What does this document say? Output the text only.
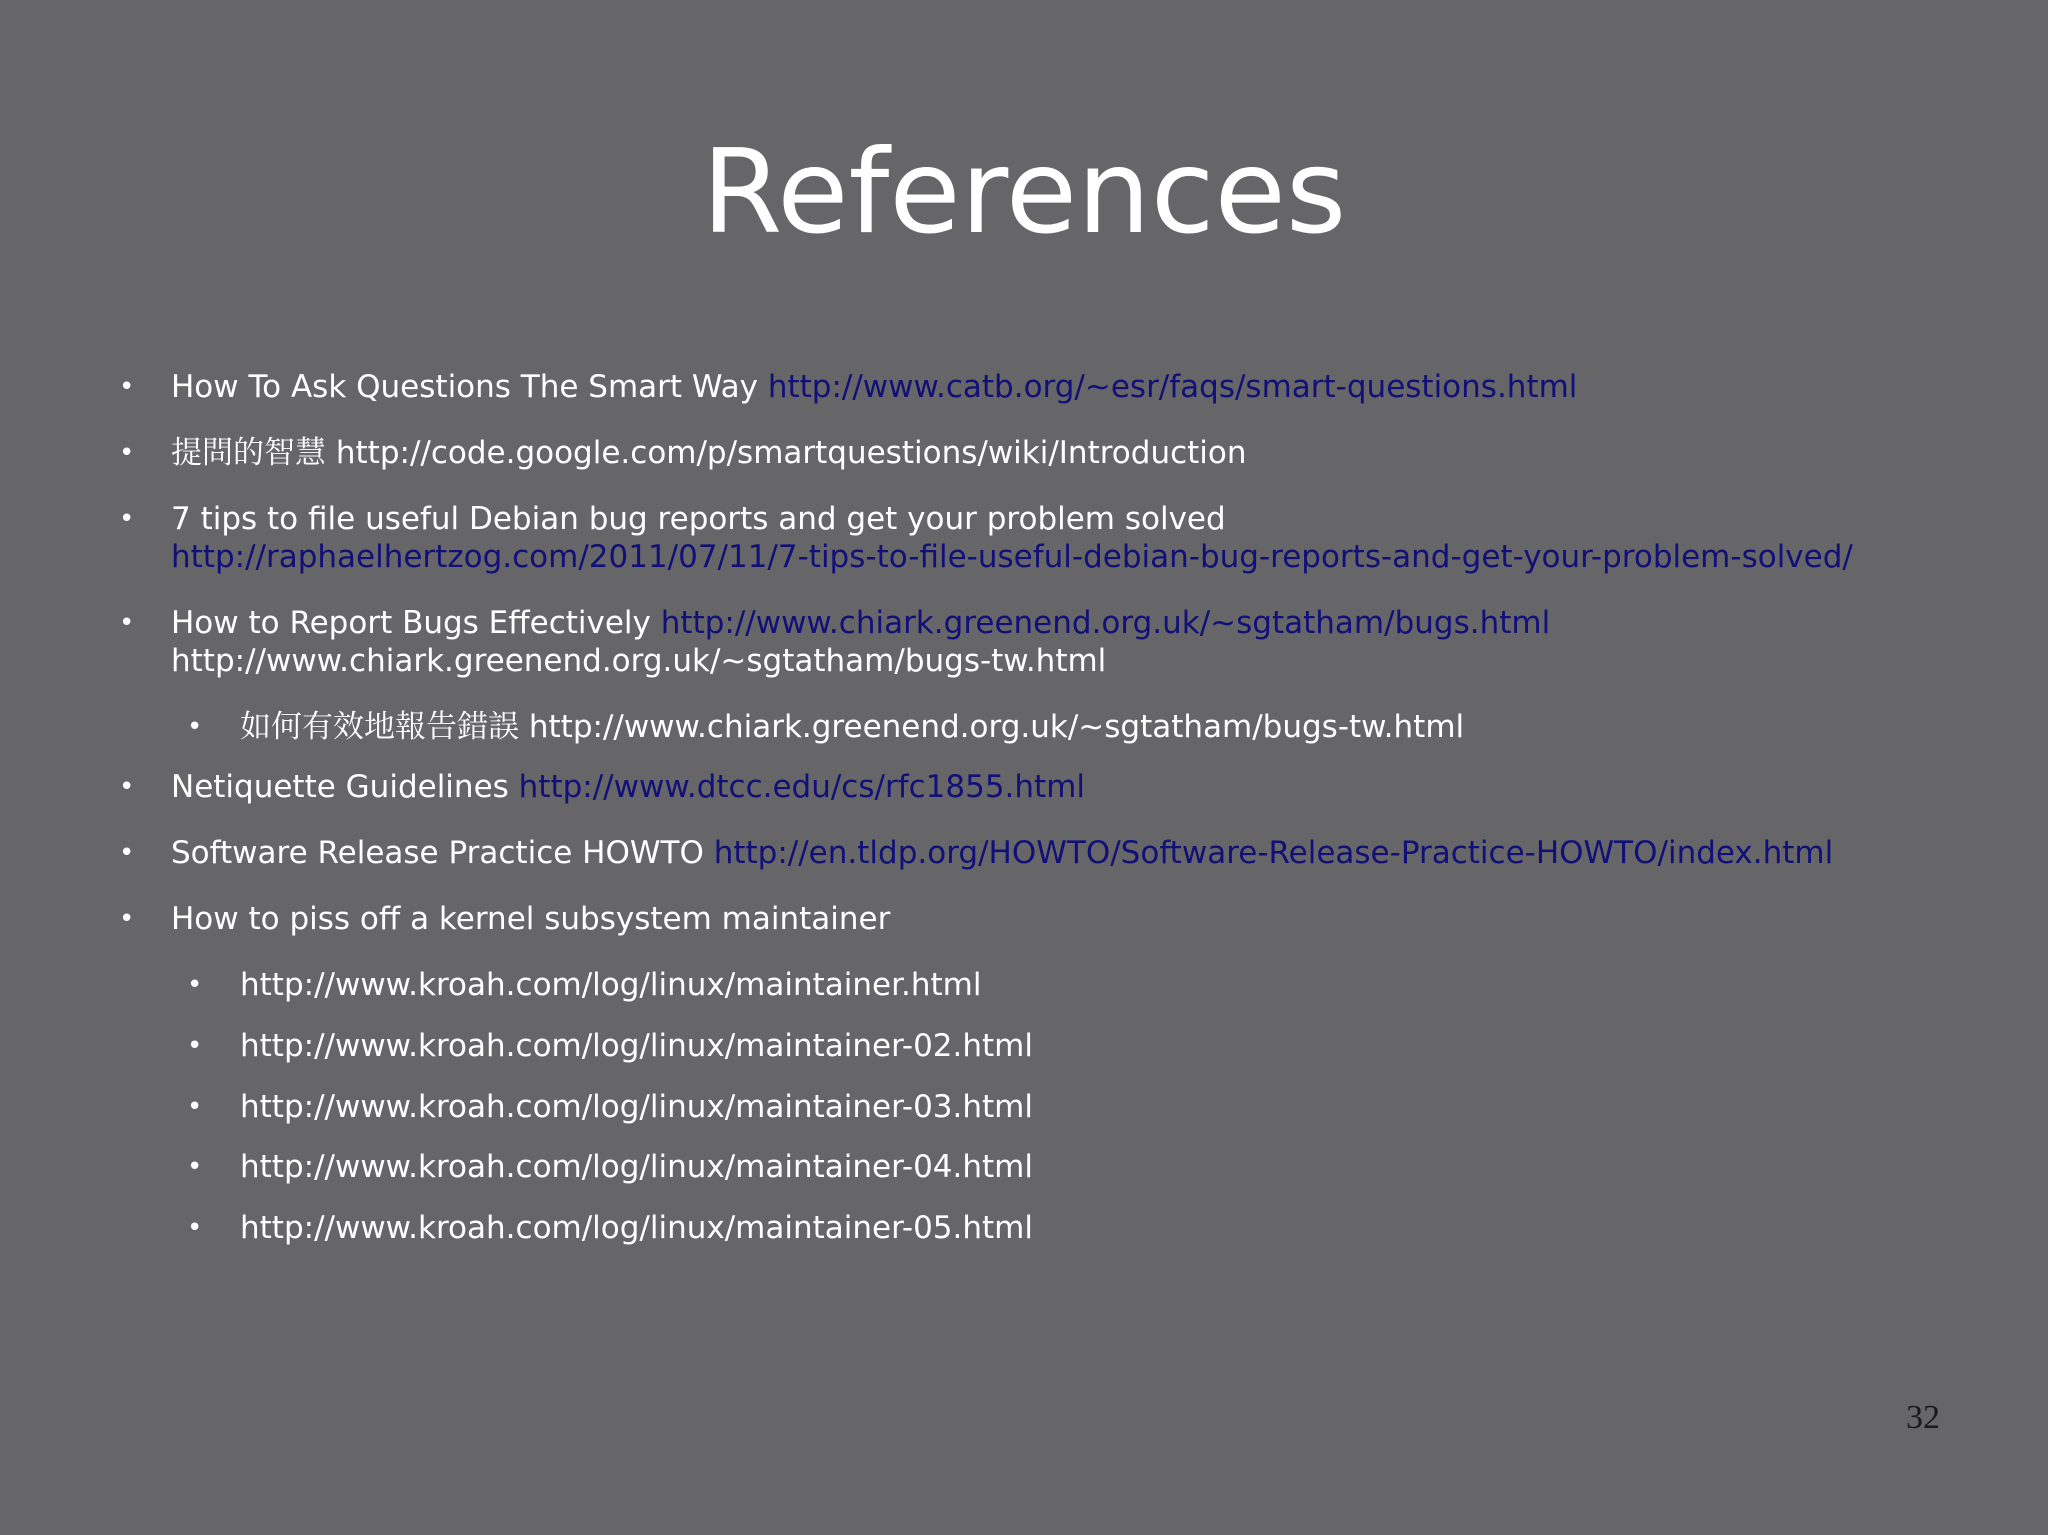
References
• How To Ask Questions The Smart Way http://www.catb.org/~esr/faqs/smart-questions.html
• 提問的智慧 http://code.google.com/p/smartquestions/wiki/Introduction
• 7 tips to file useful Debian bug reports and get your problem solved
http://raphaelhertzog.com/2011/07/11/7-tips-to-file-useful-debian-bug-reports-and-get-your-problem-solved/
• How to Report Bugs Effectively http://www.chiark.greenend.org.uk/~sgtatham/bugs.html
http://www.chiark.greenend.org.uk/~sgtatham/bugs-tw.html
• 如何有效地報告錯誤 http://www.chiark.greenend.org.uk/~sgtatham/bugs-tw.html
• Netiquette Guidelines http://www.dtcc.edu/cs/rfc1855.html
• Software Release Practice HOWTO http://en.tldp.org/HOWTO/Software-Release-Practice-HOWTO/index.html
• How to piss off a kernel subsystem maintainer
• http://www.kroah.com/log/linux/maintainer.html
• http://www.kroah.com/log/linux/maintainer-02.html
• http://www.kroah.com/log/linux/maintainer-03.html
• http://www.kroah.com/log/linux/maintainer-04.html
• http://www.kroah.com/log/linux/maintainer-05.html
32
